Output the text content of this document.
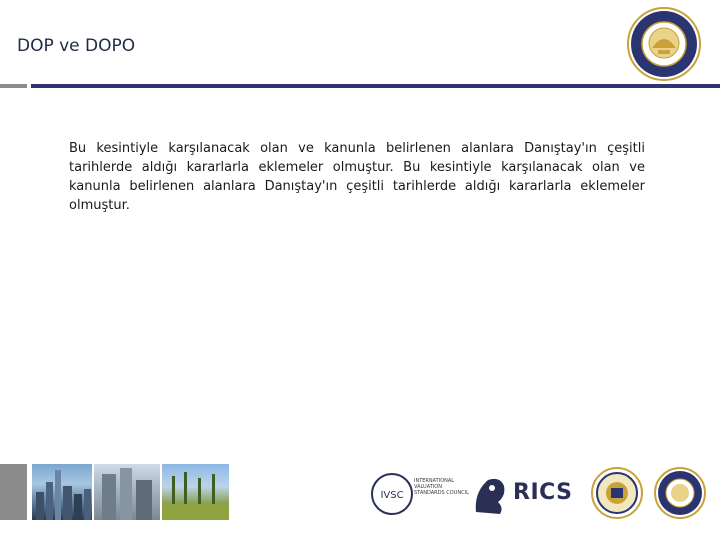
DOP ve DOPO
Bu kesintiyle karşılanacak olan ve kanunla belirlenen alanlara Danıştay'ın çeşitli tarihlerde aldığı kararlarla eklemeler olmuştur. Bu kesintiyle karşılanacak olan ve kanunla belirlenen alanlara Danıştay'ın çeşitli tarihlerde aldığı kararlarla eklemeler olmuştur.
IVSC
INTERNATIONAL VALUATION STANDARDS COUNCIL RICS
